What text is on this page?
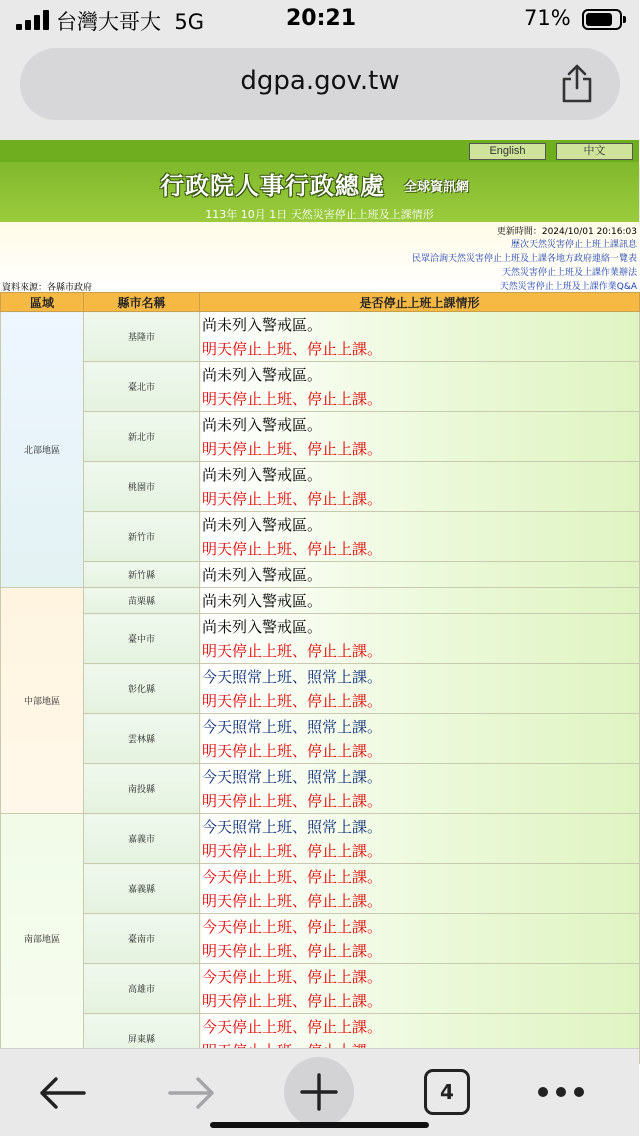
台灣大哥大 5G	20:21	71%
dgpa.gov.tw
English	中文
行政院人事行政總處 全球資訊網
113年 10月 1日 天然災害停止上班及上課情形
更新時間：2024/10/01 20:16:03
歷次天然災害停止上班上課訊息
民眾洽詢天然災害停止上班及上課各地方政府連絡一覽表
天然災害停止上班及上課作業辦法
天然災害停止上班及上課作業Q&A
資料來源：各縣市政府
區域	縣市名稱	是否停止上班上課情形
北部地區	基隆市	尚未列入警戒區。
明天停止上班、停止上課。

	臺北市	尚未列入警戒區。
明天停止上班、停止上課。

	新北市	尚未列入警戒區。
明天停止上班、停止上課。

	桃園市	尚未列入警戒區。
明天停止上班、停止上課。

	新竹市	尚未列入警戒區。
明天停止上班、停止上課。

	新竹縣	尚未列入警戒區。

中部地區	苗栗縣	尚未列入警戒區。

	臺中市	尚未列入警戒區。
明天停止上班、停止上課。

	彰化縣	今天照常上班、照常上課。
明天停止上班、停止上課。

	雲林縣	今天照常上班、照常上課。
明天停止上班、停止上課。

	南投縣	今天照常上班、照常上課。
明天停止上班、停止上課。

南部地區	嘉義市	今天照常上班、照常上課。
明天停止上班、停止上課。

	嘉義縣	今天停止上班、停止上課。
明天停止上班、停止上課。

	臺南市	今天停止上班、停止上課。
明天停止上班、停止上課。

	高雄市	今天停止上班、停止上課。
明天停止上班、停止上課。

	屏東縣	今天停止上班、停止上課。
4
